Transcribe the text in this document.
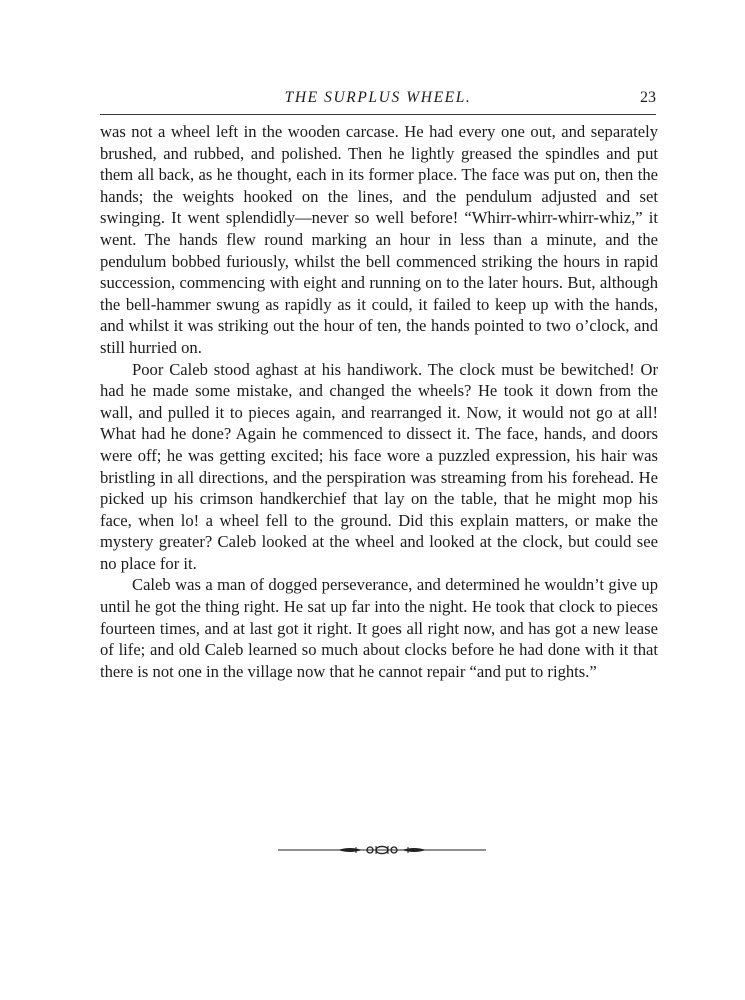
THE SURPLUS WHEEL.	23

was not a wheel left in the wooden carcase. He had every one out, and separately brushed, and rubbed, and polished. Then he lightly greased the spindles and put them all back, as he thought, each in its former place. The face was put on, then the hands; the weights hooked on the lines, and the pendulum adjusted and set swinging. It went splendidly—never so well before! “Whirr-whirr-whirr-whiz,” it went. The hands flew round marking an hour in less than a minute, and the pendulum bobbed furiously, whilst the bell commenced striking the hours in rapid succession, commencing with eight and running on to the later hours. But, although the bell-hammer swung as rapidly as it could, it failed to keep up with the hands, and whilst it was striking out the hour of ten, the hands pointed to two o’clock, and still hurried on.

Poor Caleb stood aghast at his handiwork. The clock must be bewitched! Or had he made some mistake, and changed the wheels? He took it down from the wall, and pulled it to pieces again, and rearranged it. Now, it would not go at all! What had he done? Again he commenced to dissect it. The face, hands, and doors were off; he was getting excited; his face wore a puzzled expression, his hair was bristling in all directions, and the perspiration was streaming from his forehead. He picked up his crimson handkerchief that lay on the table, that he might mop his face, when lo! a wheel fell to the ground. Did this explain matters, or make the mystery greater? Caleb looked at the wheel and looked at the clock, but could see no place for it.

Caleb was a man of dogged perseverance, and determined he wouldn’t give up until he got the thing right. He sat up far into the night. He took that clock to pieces fourteen times, and at last got it right. It goes all right now, and has got a new lease of life; and old Caleb learned so much about clocks before he had done with it that there is not one in the village now that he cannot repair “and put to rights.”
